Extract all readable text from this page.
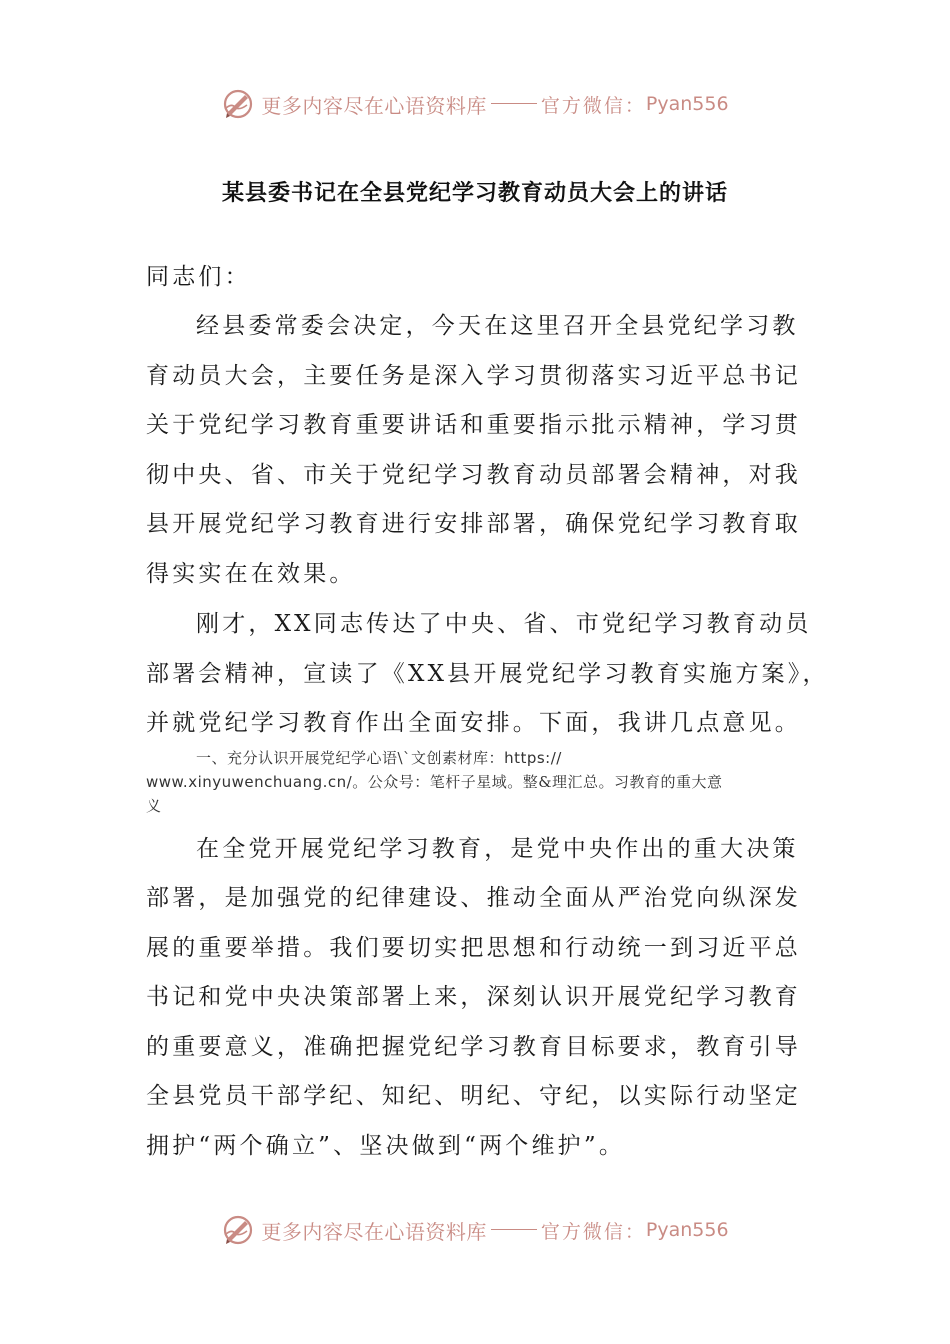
更多内容尽在心语资料库	官方微信： Pyan556
某县委书记在全县党纪学习教育动员大会上的讲话
同志们：
经县委常委会决定，今天在这里召开全县党纪学习教
育动员大会，主要任务是深入学习贯彻落实习近平总书记
关于党纪学习教育重要讲话和重要指示批示精神，学习贯
彻中央、省、市关于党纪学习教育动员部署会精神，对我
县开展党纪学习教育进行安排部署，确保党纪学习教育取
得实实在在效果。
刚才，XX同志传达了中央、省、市党纪学习教育动员
部署会精神，宣读了《XX县开展党纪学习教育实施方案》，
并就党纪学习教育作出全面安排。下面，我讲几点意见。
一、充分认识开展党纪学心语\`文创素材库：https://
www.xinyuwenchuang.cn/。公众号：笔杆子星域。整&理汇总。习教育的重大意
义
在全党开展党纪学习教育，是党中央作出的重大决策
部署，是加强党的纪律建设、推动全面从严治党向纵深发
展的重要举措。我们要切实把思想和行动统一到习近平总
书记和党中央决策部署上来，深刻认识开展党纪学习教育
的重要意义，准确把握党纪学习教育目标要求，教育引导
全县党员干部学纪、知纪、明纪、守纪，以实际行动坚定
拥护“两个确立”、坚决做到“两个维护”。
更多内容尽在心语资料库	官方微信： Pyan556
